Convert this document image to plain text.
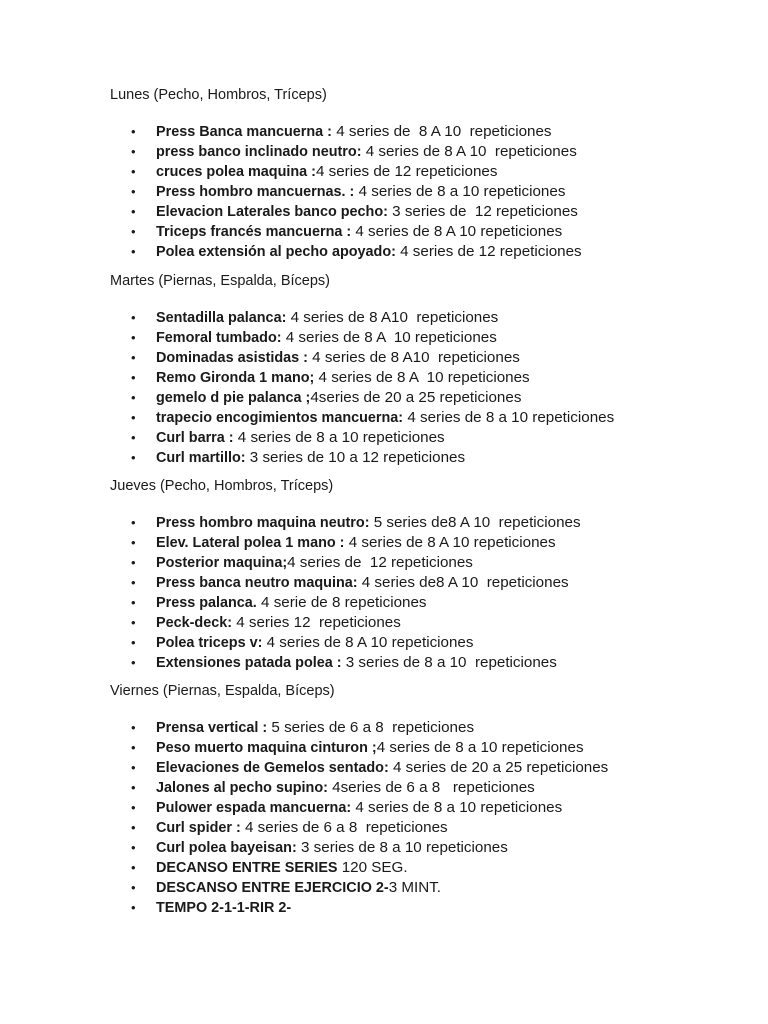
Lunes (Pecho, Hombros, Tríceps)
• Press Banca mancuerna : 4 series de  8 A 10  repeticiones
• press banco inclinado neutro: 4 series de 8 A 10  repeticiones
• cruces polea maquina :4 series de 12 repeticiones
• Press hombro mancuernas. : 4 series de 8 a 10 repeticiones
• Elevacion Laterales banco pecho: 3 series de  12 repeticiones
• Triceps francés mancuerna : 4 series de 8 A 10 repeticiones
• Polea extensión al pecho apoyado: 4 series de 12 repeticiones
Martes (Piernas, Espalda, Bíceps)
• Sentadilla palanca: 4 series de 8 A10  repeticiones
• Femoral tumbado: 4 series de 8 A  10 repeticiones
• Dominadas asistidas : 4 series de 8 A10  repeticiones
• Remo Gironda 1 mano; 4 series de 8 A  10 repeticiones
• gemelo d pie palanca ;4series de 20 a 25 repeticiones
• trapecio encogimientos mancuerna: 4 series de 8 a 10 repeticiones
• Curl barra : 4 series de 8 a 10 repeticiones
• Curl martillo: 3 series de 10 a 12 repeticiones
Jueves (Pecho, Hombros, Tríceps)
• Press hombro maquina neutro: 5 series de8 A 10  repeticiones
• Elev. Lateral polea 1 mano : 4 series de 8 A 10 repeticiones
• Posterior maquina;4 series de  12 repeticiones
• Press banca neutro maquina: 4 series de8 A 10  repeticiones
• Press palanca. 4 serie de 8 repeticiones
• Peck-deck: 4 series 12  repeticiones
• Polea triceps v: 4 series de 8 A 10 repeticiones
• Extensiones patada polea : 3 series de 8 a 10  repeticiones
Viernes (Piernas, Espalda, Bíceps)
• Prensa vertical : 5 series de 6 a 8  repeticiones
• Peso muerto maquina cinturon ;4 series de 8 a 10 repeticiones
• Elevaciones de Gemelos sentado: 4 series de 20 a 25 repeticiones
• Jalones al pecho supino: 4series de 6 a 8   repeticiones
• Pulower espada mancuerna: 4 series de 8 a 10 repeticiones
• Curl spider : 4 series de 6 a 8  repeticiones
• Curl polea bayeisan: 3 series de 8 a 10 repeticiones
• DECANSO ENTRE SERIES 120 SEG.
• DESCANSO ENTRE EJERCICIO 2-3 MINT.
• TEMPO 2-1-1-RIR 2-
